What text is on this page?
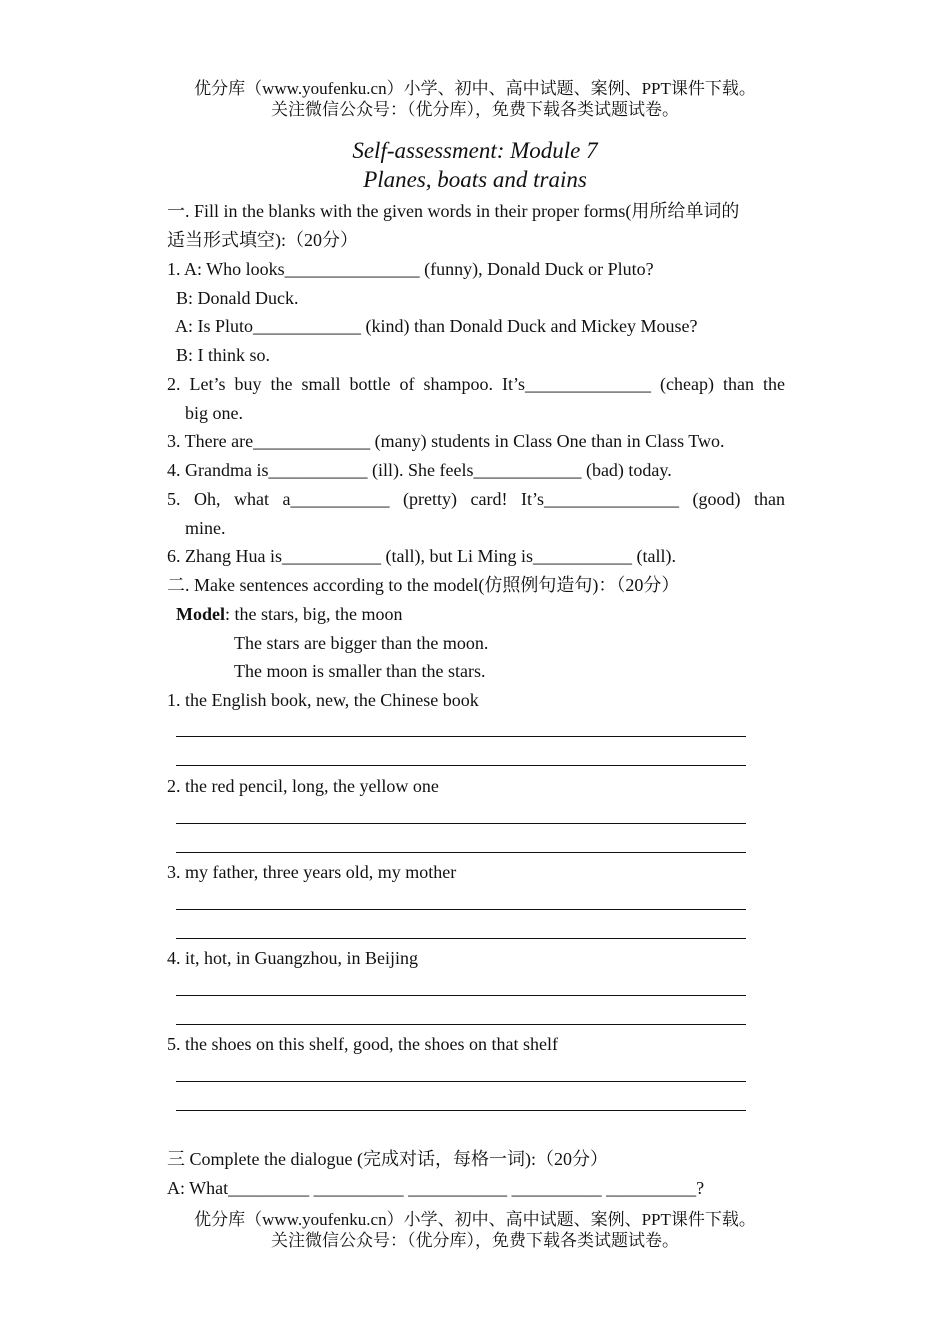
优分库（www.youfenku.cn）小学、初中、高中试题、案例、PPT课件下载。
关注微信公众号：（优分库），免费下载各类试题试卷。
Self-assessment: Module 7
Planes, boats and trains
一. Fill in the blanks with the given words in their proper forms(用所给单词的
适当形式填空):（20分）
1. A: Who looks_______________ (funny), Donald Duck or Pluto?
B: Donald Duck.
A: Is Pluto____________ (kind) than Donald Duck and Mickey Mouse?
B: I think so.
2. Let’s buy the small bottle of shampoo. It’s______________ (cheap) than the
big one.
3. There are_____________ (many) students in Class One than in Class Two.
4. Grandma is___________ (ill). She feels____________ (bad) today.
5. Oh, what a___________ (pretty) card! It’s_______________ (good) than
mine.
6. Zhang Hua is___________ (tall), but Li Ming is___________ (tall).
二. Make sentences according to the model(仿照例句造句)：（20分）
Model: the stars, big, the moon
The stars are bigger than the moon.
The moon is smaller than the stars.
1. the English book, new, the Chinese book
2. the red pencil, long, the yellow one
3. my father, three years old, my mother
4. it, hot, in Guangzhou, in Beijing
5. the shoes on this shelf, good, the shoes on that shelf
三 Complete the dialogue (完成对话，每格一词):（20分）
A: What_________ __________ ___________ __________ __________?
优分库（www.youfenku.cn）小学、初中、高中试题、案例、PPT课件下载。
关注微信公众号：（优分库），免费下载各类试题试卷。
